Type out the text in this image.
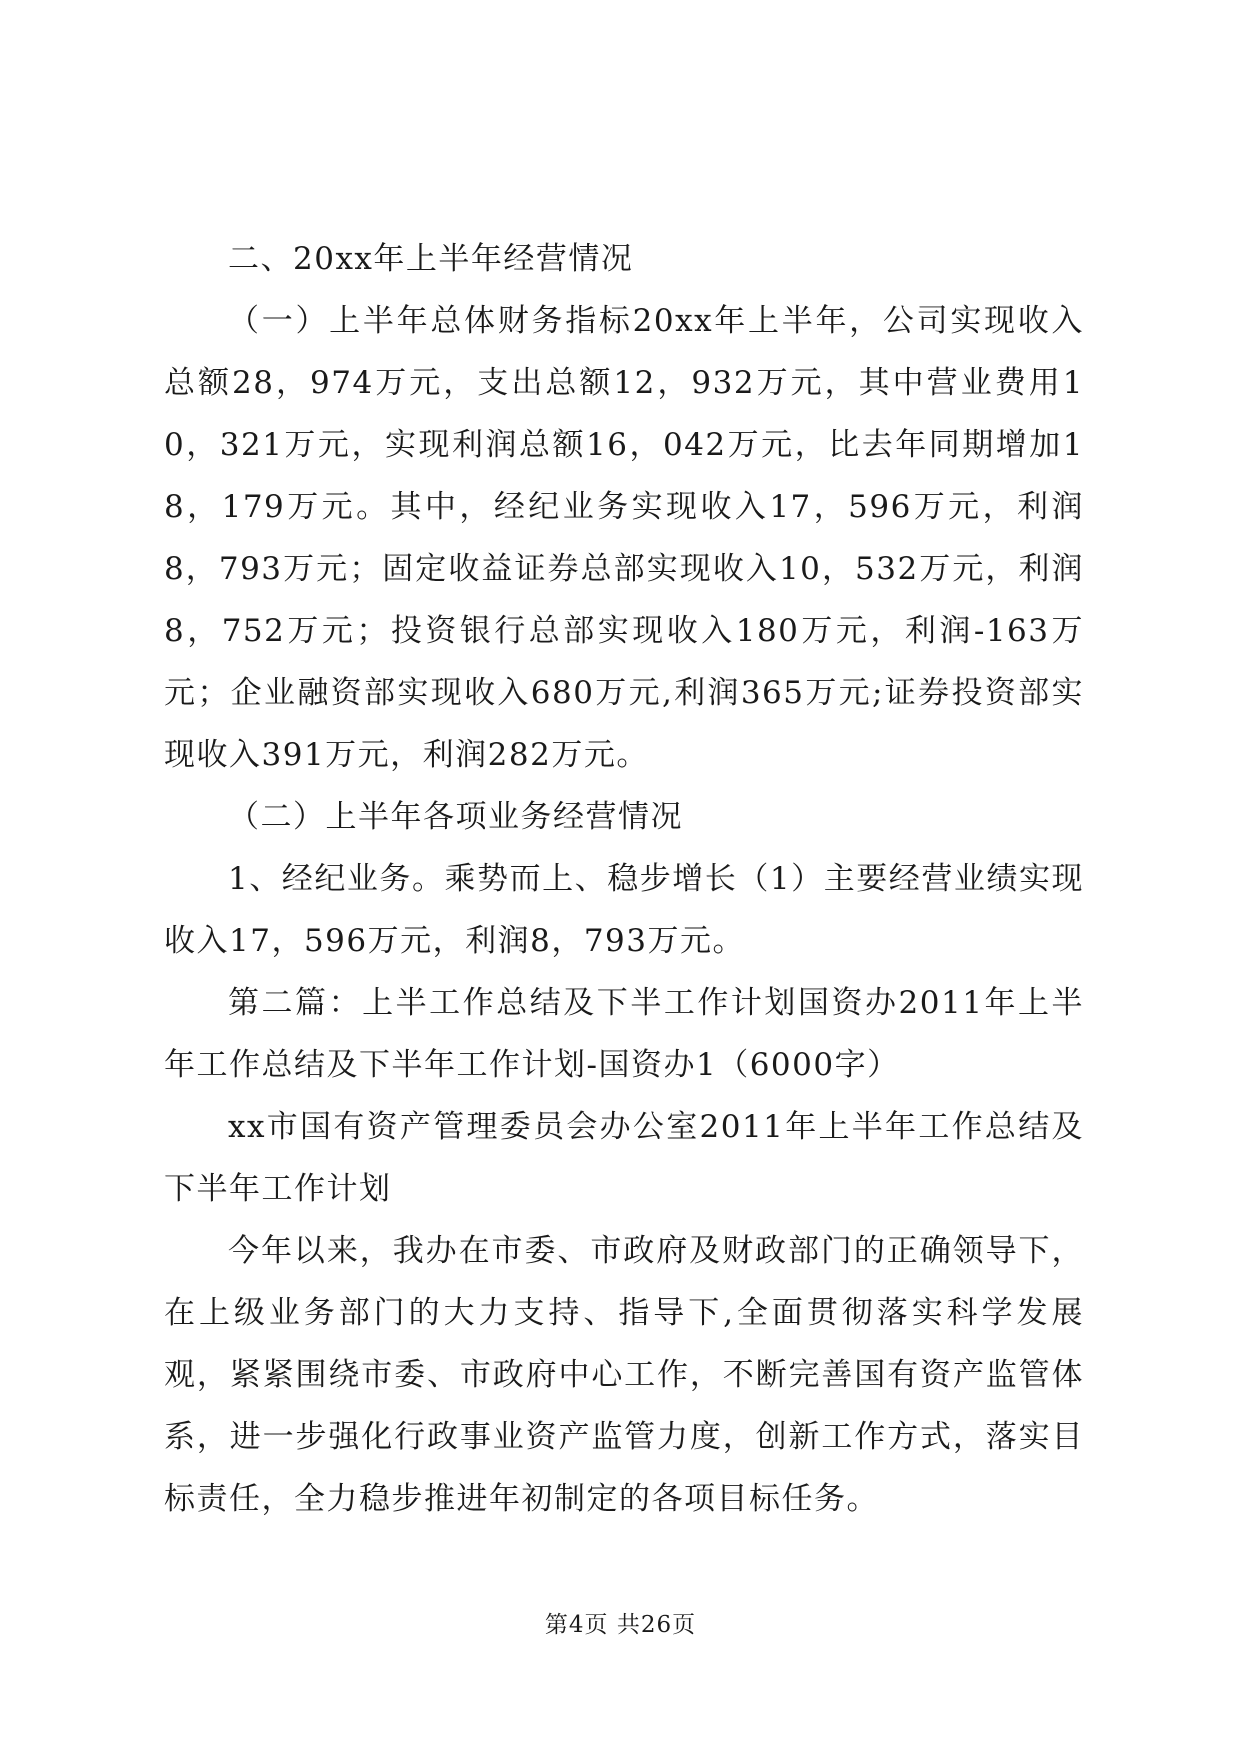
二、20xx年上半年经营情况

（一）上半年总体财务指标20xx年上半年，公司实现收入总额28，974万元，支出总额12，932万元，其中营业费用10，321万元，实现利润总额16，042万元，比去年同期增加18，179万元。其中，经纪业务实现收入17，596万元，利润8，793万元；固定收益证券总部实现收入10，532万元，利润8，752万元；投资银行总部实现收入180万元，利润-163万元；企业融资部实现收入680万元,利润365万元;证券投资部实现收入391万元，利润282万元。

（二）上半年各项业务经营情况

1、经纪业务。乘势而上、稳步增长（1）主要经营业绩实现收入17，596万元，利润8，793万元。

第二篇：上半工作总结及下半工作计划国资办2011年上半年工作总结及下半年工作计划-国资办1（6000字）

xx市国有资产管理委员会办公室2011年上半年工作总结及下半年工作计划

今年以来，我办在市委、市政府及财政部门的正确领导下，在上级业务部门的大力支持、指导下,全面贯彻落实科学发展观，紧紧围绕市委、市政府中心工作，不断完善国有资产监管体系，进一步强化行政事业资产监管力度，创新工作方式，落实目标责任，全力稳步推进年初制定的各项目标任务。

第4页 共26页
